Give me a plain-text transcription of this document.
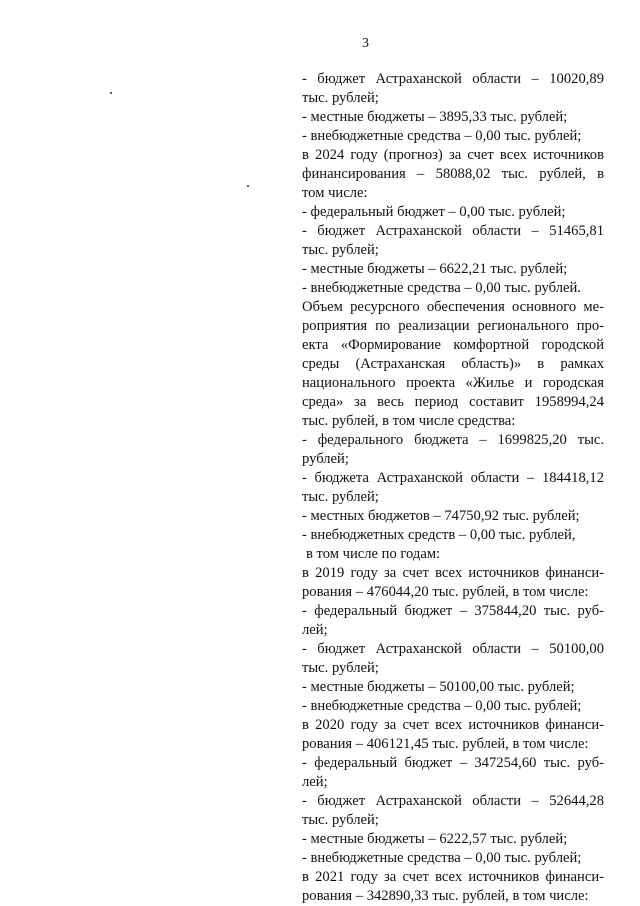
3
- бюджет Астраханской области – 10020,89
тыс. рублей;
- местные бюджеты – 3895,33 тыс. рублей;
- внебюджетные средства – 0,00 тыс. рублей;
в 2024 году (прогноз) за счет всех источников
финансирования – 58088,02 тыс. рублей, в
том числе:
- федеральный бюджет – 0,00 тыс. рублей;
- бюджет Астраханской области – 51465,81
тыс. рублей;
- местные бюджеты – 6622,21 тыс. рублей;
- внебюджетные средства – 0,00 тыс. рублей.
Объем ресурсного обеспечения основного ме-
роприятия по реализации регионального про-
екта «Формирование комфортной городской
среды (Астраханская область)» в рамках
национального проекта «Жилье и городская
среда» за весь период составит 1958994,24
тыс. рублей, в том числе средства:
- федерального бюджета – 1699825,20 тыс.
рублей;
- бюджета Астраханской области – 184418,12
тыс. рублей;
- местных бюджетов – 74750,92 тыс. рублей;
- внебюджетных средств – 0,00 тыс. рублей,
в том числе по годам:
в 2019 году за счет всех источников финанси-
рования – 476044,20 тыс. рублей, в том числе:
- федеральный бюджет – 375844,20 тыс. руб-
лей;
- бюджет Астраханской области – 50100,00
тыс. рублей;
- местные бюджеты – 50100,00 тыс. рублей;
- внебюджетные средства – 0,00 тыс. рублей;
в 2020 году за счет всех источников финанси-
рования – 406121,45 тыс. рублей, в том числе:
- федеральный бюджет – 347254,60 тыс. руб-
лей;
- бюджет Астраханской области – 52644,28
тыс. рублей;
- местные бюджеты – 6222,57 тыс. рублей;
- внебюджетные средства – 0,00 тыс. рублей;
в 2021 году за счет всех источников финанси-
рования – 342890,33 тыс. рублей, в том числе:
